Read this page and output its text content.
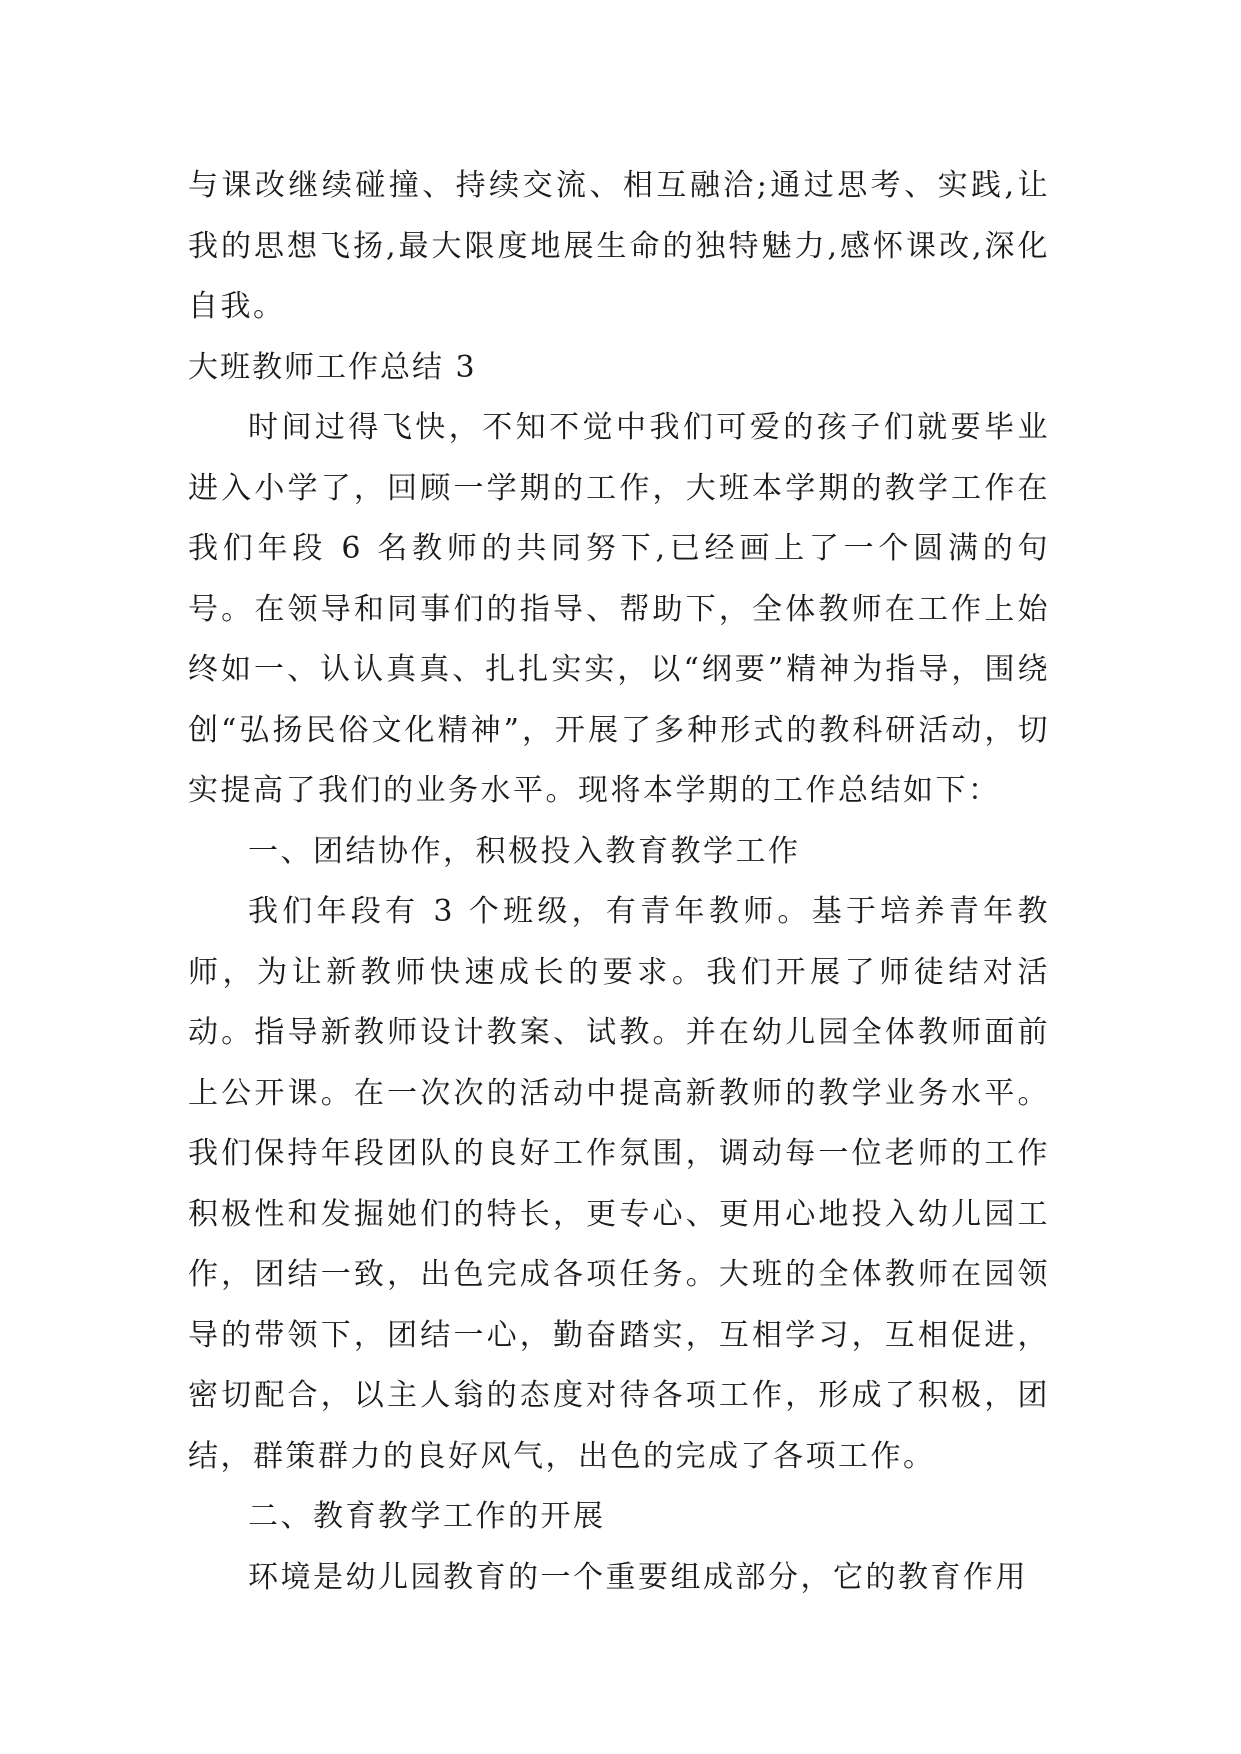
与课改继续碰撞、持续交流、相互融洽;通过思考、实践,让我的思想飞扬,最大限度地展生命的独特魅力,感怀课改,深化自我。

大班教师工作总结 3

时间过得飞快，不知不觉中我们可爱的孩子们就要毕业进入小学了，回顾一学期的工作，大班本学期的教学工作在我们年段 6 名教师的共同努下,已经画上了一个圆满的句号。在领导和同事们的指导、帮助下，全体教师在工作上始终如一、认认真真、扎扎实实，以“纲要”精神为指导，围绕创“弘扬民俗文化精神”，开展了多种形式的教科研活动，切实提高了我们的业务水平。现将本学期的工作总结如下：

一、团结协作，积极投入教育教学工作

我们年段有 3 个班级，有青年教师。基于培养青年教师，为让新教师快速成长的要求。我们开展了师徒结对活动。指导新教师设计教案、试教。并在幼儿园全体教师面前上公开课。在一次次的活动中提高新教师的教学业务水平。我们保持年段团队的良好工作氛围，调动每一位老师的工作积极性和发掘她们的特长，更专心、更用心地投入幼儿园工作，团结一致，出色完成各项任务。大班的全体教师在园领导的带领下，团结一心，勤奋踏实，互相学习，互相促进，密切配合，以主人翁的态度对待各项工作，形成了积极，团结，群策群力的良好风气，出色的完成了各项工作。

二、教育教学工作的开展

环境是幼儿园教育的一个重要组成部分，它的教育作用
